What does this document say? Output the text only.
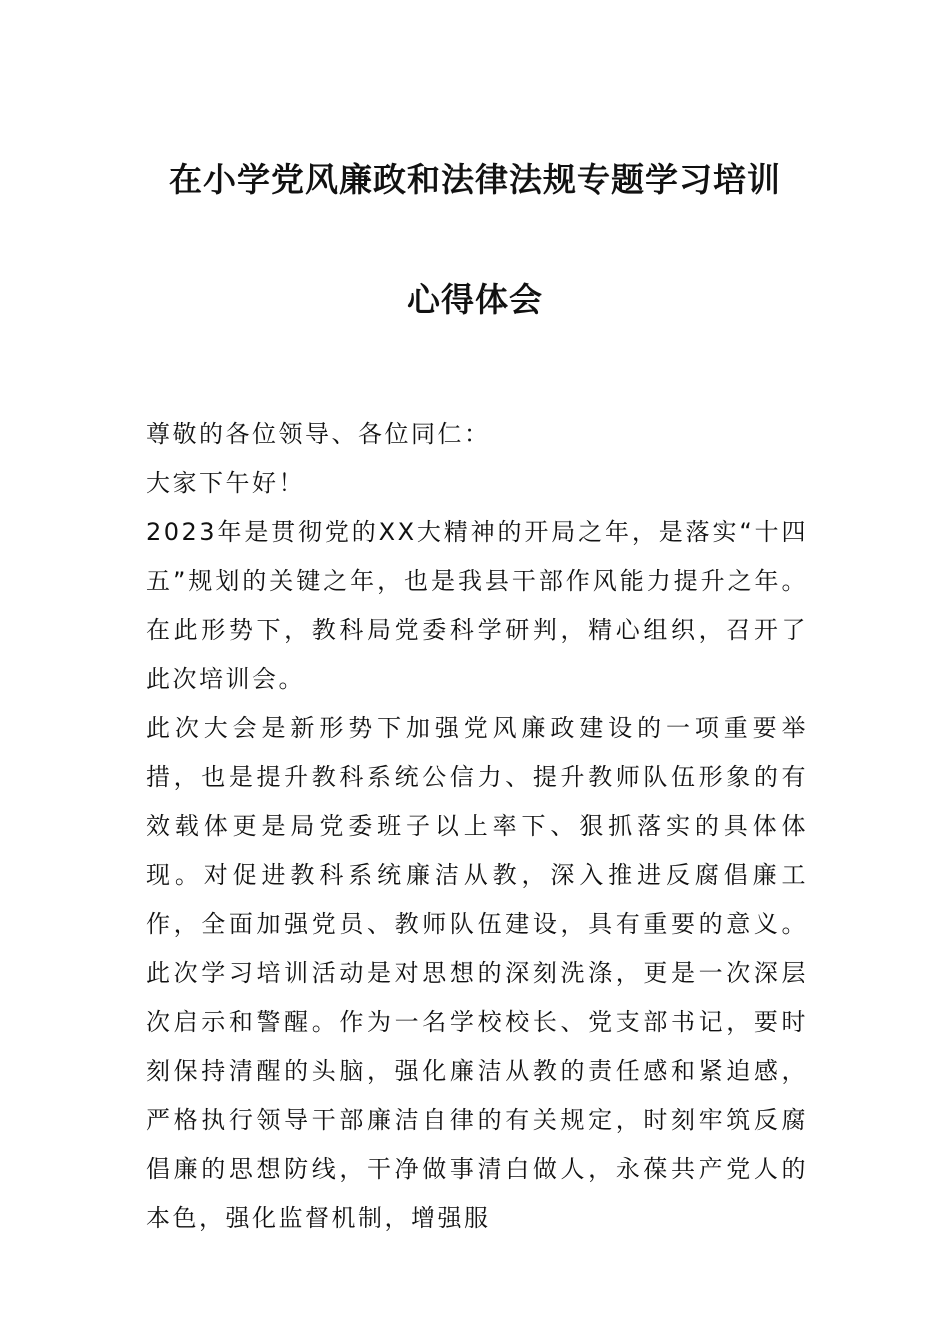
在小学党风廉政和法律法规专题学习培训
心得体会

尊敬的各位领导、各位同仁：

大家下午好！

2023年是贯彻党的XX大精神的开局之年，是落实“十四五”规划的关键之年，也是我县干部作风能力提升之年。在此形势下，教科局党委科学研判，精心组织，召开了此次培训会。

此次大会是新形势下加强党风廉政建设的一项重要举措，也是提升教科系统公信力、提升教师队伍形象的有效载体更是局党委班子以上率下、狠抓落实的具体体现。对促进教科系统廉洁从教，深入推进反腐倡廉工作，全面加强党员、教师队伍建设，具有重要的意义。此次学习培训活动是对思想的深刻洗涤，更是一次深层次启示和警醒。作为一名学校校长、党支部书记，要时刻保持清醒的头脑，强化廉洁从教的责任感和紧迫感，严格执行领导干部廉洁自律的有关规定，时刻牢筑反腐倡廉的思想防线，干净做事清白做人，永葆共产党人的本色，强化监督机制，增强服
